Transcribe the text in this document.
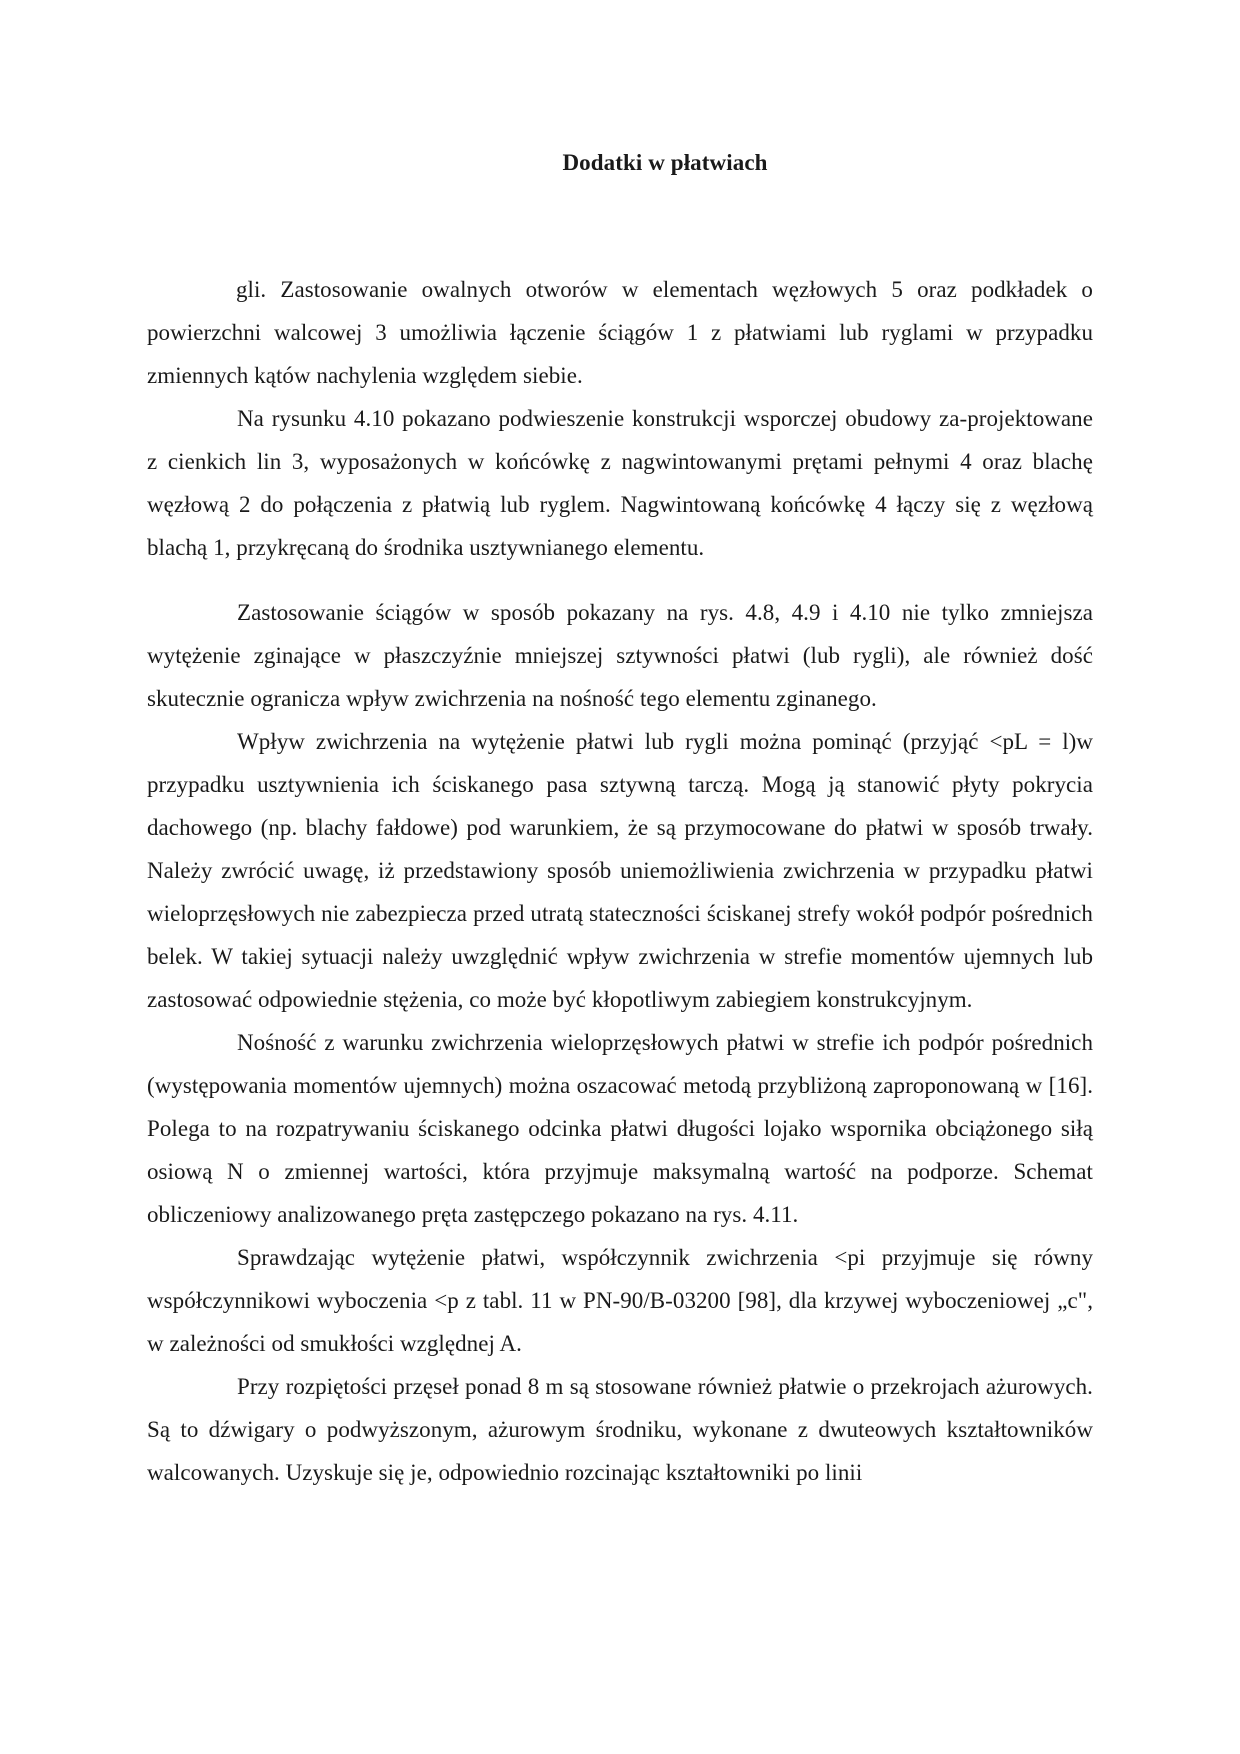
Dodatki w płatwiach

gli. Zastosowanie owalnych otworów w elementach węzłowych 5 oraz podkładek o powierzchni walcowej 3 umożliwia łączenie ściągów 1 z płatwiami lub ryglami w przypadku zmiennych kątów nachylenia względem siebie.

Na rysunku 4.10 pokazano podwieszenie konstrukcji wsporczej obudowy za-projektowane z cienkich lin 3, wyposażonych w końcówkę z nagwintowanymi prętami pełnymi 4 oraz blachę węzłową 2 do połączenia z płatwią lub ryglem. Nagwintowaną końcówkę 4 łączy się z węzłową blachą 1, przykręcaną do środnika usztywnianego elementu.

Zastosowanie ściągów w sposób pokazany na rys. 4.8, 4.9 i 4.10 nie tylko zmniejsza wytężenie zginające w płaszczyźnie mniejszej sztywności płatwi (lub rygli), ale również dość skutecznie ogranicza wpływ zwichrzenia na nośność tego elementu zginanego.

Wpływ zwichrzenia na wytężenie płatwi lub rygli można pominąć (przyjąć <pL = l)w przypadku usztywnienia ich ściskanego pasa sztywną tarczą. Mogą ją stanowić płyty pokrycia dachowego (np. blachy fałdowe) pod warunkiem, że są przymocowane do płatwi w sposób trwały. Należy zwrócić uwagę, iż przedstawiony sposób uniemożliwienia zwichrzenia w przypadku płatwi wieloprzęsłowych nie zabezpiecza przed utratą stateczności ściskanej strefy wokół podpór pośrednich belek. W takiej sytuacji należy uwzględnić wpływ zwichrzenia w strefie momentów ujemnych lub zastosować odpowiednie stężenia, co może być kłopotliwym zabiegiem konstrukcyjnym.

Nośność z warunku zwichrzenia wieloprzęsłowych płatwi w strefie ich podpór pośrednich (występowania momentów ujemnych) można oszacować metodą przybliżoną zaproponowaną w [16]. Polega to na rozpatrywaniu ściskanego odcinka płatwi długości lojako wspornika obciążonego siłą osiową N o zmiennej wartości, która przyjmuje maksymalną wartość na podporze. Schemat obliczeniowy analizowanego pręta zastępczego pokazano na rys. 4.11.

Sprawdzając wytężenie płatwi, współczynnik zwichrzenia <pi przyjmuje się równy współczynnikowi wyboczenia <p z tabl. 11 w PN-90/B-03200 [98], dla krzywej wyboczeniowej „c", w zależności od smukłości względnej A.

Przy rozpiętości przęseł ponad 8 m są stosowane również płatwie o przekrojach ażurowych. Są to dźwigary o podwyższonym, ażurowym środniku, wykonane z dwuteowych kształtowników walcowanych. Uzyskuje się je, odpowiednio rozcinając kształtowniki po linii
